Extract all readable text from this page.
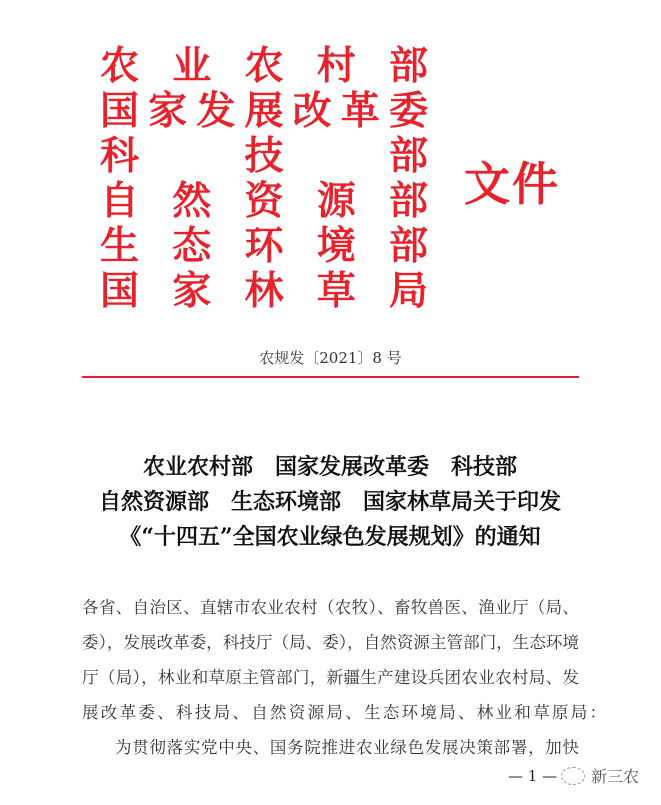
农 业 农 村 部
国 家 发 展 改 革 委
科	技	部
自 然 资 源 部
生 态 环 境 部
国 家 林 草 局
文件
农规发〔2021〕8 号
农业农村部　国家发展改革委　科技部
自然资源部　生态环境部　国家林草局关于印发
《“十四五”全国农业绿色发展规划》的通知
各省、自治区、直辖市农业农村（农牧）、畜牧兽医、渔业厅（局、
委），发展改革委，科技厅（局、委），自然资源主管部门，生态环境
厅（局），林业和草原主管部门，新疆生产建设兵团农业农村局、发
展改革委、科技局、自然资源局、生态环境局、林业和草原局：
为贯彻落实党中央、国务院推进农业绿色发展决策部署，加快
— 1 — 新三农
